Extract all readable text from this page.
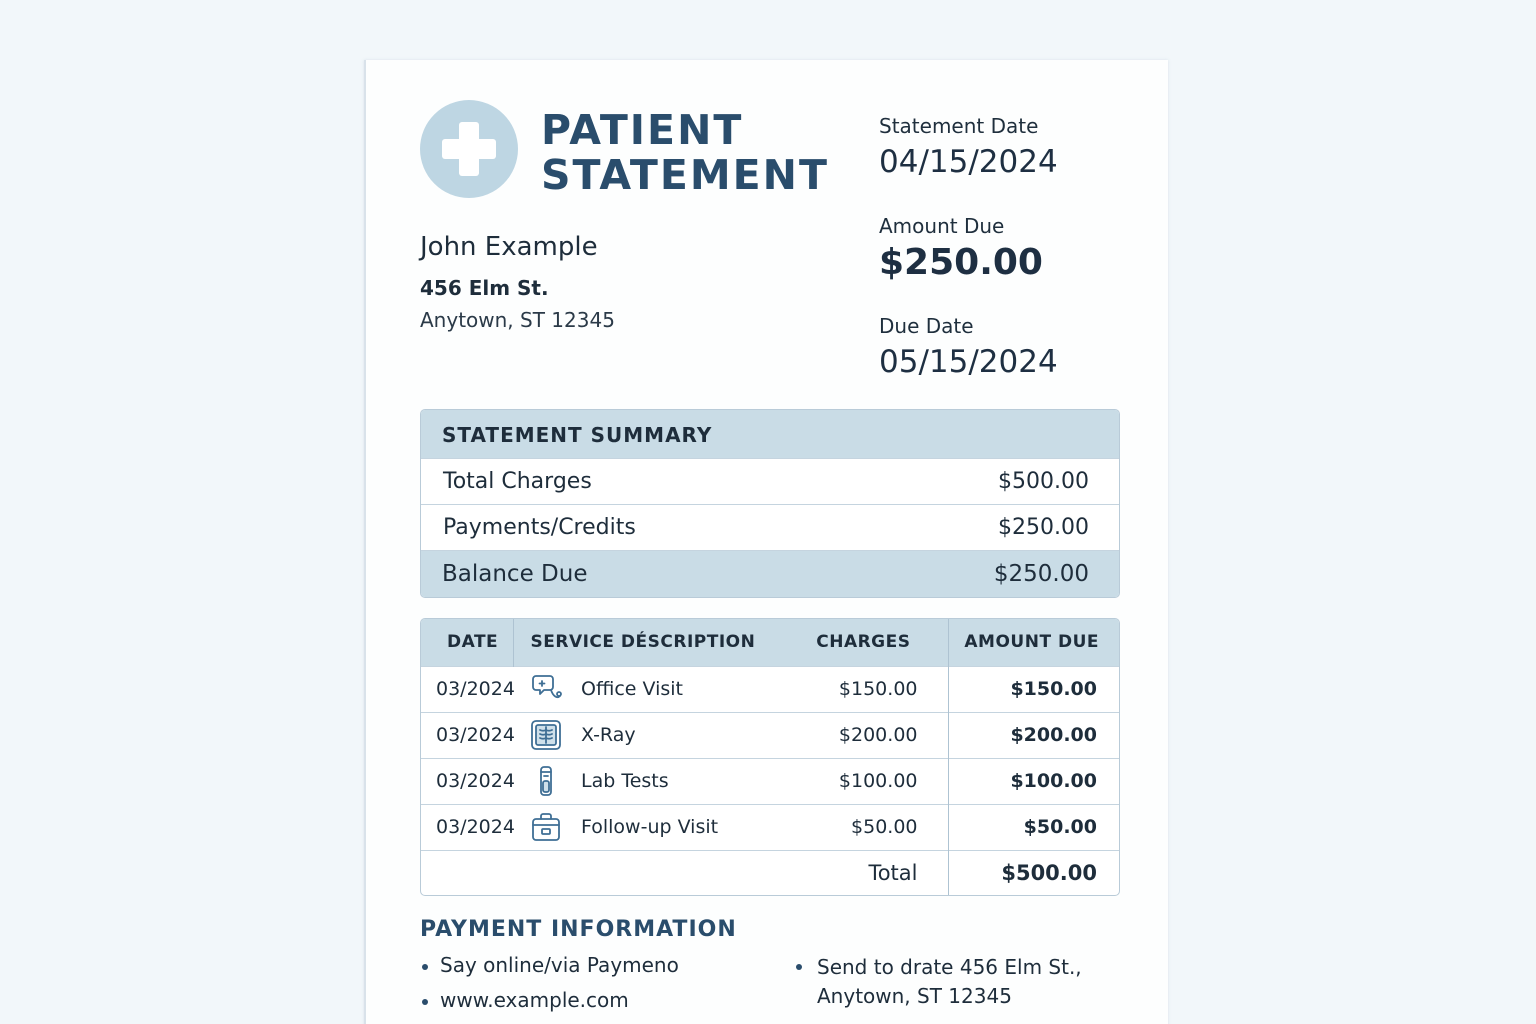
PATIENT
STATEMENT
Statement Date
04/15/2024
Amount Due
$250.00
Due Date
05/15/2024
John Example
456 Elm St.
Anytown, ST 12345
STATEMENT SUMMARY
Total Charges	$500.00
Payments/Credits	$250.00
Balance Due	$250.00
DATE	SERVICE DÉSCRIPTION	CHARGES	AMOUNT DUE
03/2024	Office Visit	$150.00	$150.00
03/2024	X-Ray	$200.00	$200.00
03/2024	Lab Tests	$100.00	$100.00
03/2024	Follow-up Visit	$50.00	$50.00
		Total	$500.00
PAYMENT INFORMATION
Say online/via Paymeno
www.example.com
Send to drate 456 Elm St., Anytown, ST 12345
